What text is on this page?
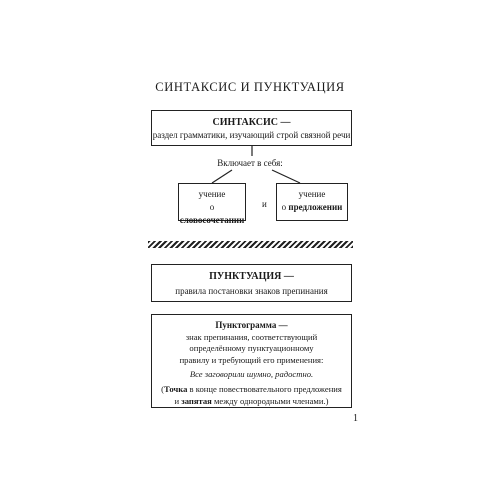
СИНТАКСИС И ПУНКТУАЦИЯ
СИНТАКСИС —
раздел грамматики, изучающий строй связной речи
Включает в себя:
учение
о словосочетании
и
учение
о предложении
ПУНКТУАЦИЯ —
правила постановки знаков препинания
Пунктограмма —
знак препинания, соответствующий
определённому пунктуационному
правилу и требующий его применения:
Все заговорили шумно, радостно.
(Точка в конце повествовательного предложения
и запятая между однородными членами.)
1
